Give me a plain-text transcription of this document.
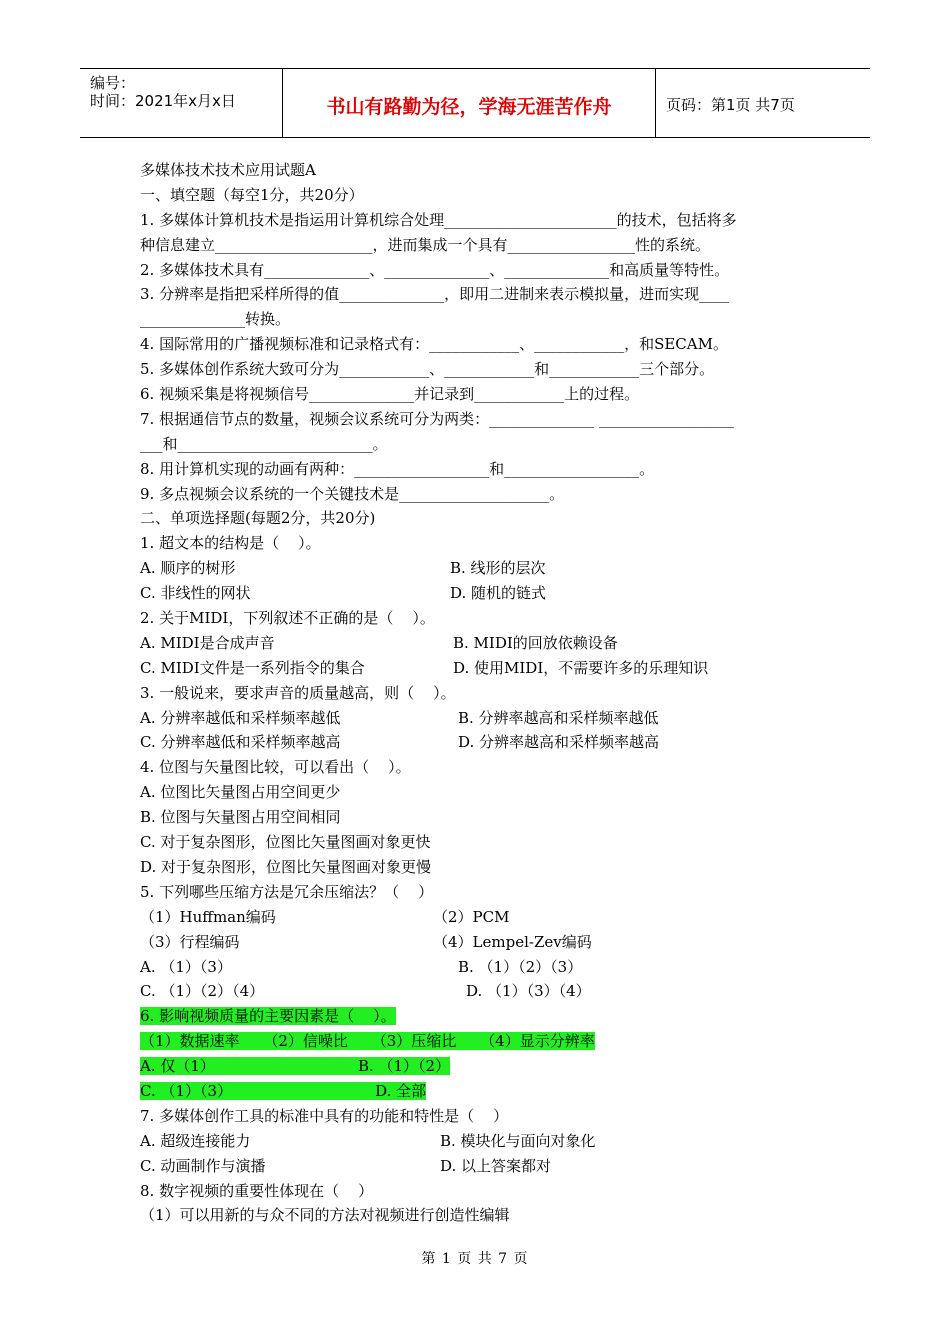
编号：
时间：2021年x月x日	书山有路勤为径，学海无涯苦作舟	页码：第1页 共7页
多媒体技术技术应用试题A
一、填空题（每空1分，共20分）
1. 多媒体计算机技术是指运用计算机综合处理_______________________的技术，包括将多
种信息建立_____________________，进而集成一个具有_________________性的系统。
2. 多媒体技术具有______________、______________、______________和高质量等特性。
3. 分辨率是指把采样所得的值______________，即用二进制来表示模拟量，进而实现____
______________转换。
4. 国际常用的广播视频标准和记录格式有：____________、____________，和SECAM。
5. 多媒体创作系统大致可分为____________、____________和____________三个部分。
6. 视频采集是将视频信号______________并记录到____________上的过程。
7. 根据通信节点的数量，视频会议系统可分为两类：______________ __________________
___和__________________________。
8. 用计算机实现的动画有两种：__________________和__________________。
9. 多点视频会议系统的一个关键技术是____________________。
二、单项选择题(每题2分，共20分)
1. 超文本的结构是（    ）。
A. 顺序的树形	B. 线形的层次
C. 非线性的网状	D. 随机的链式
2. 关于MIDI，下列叙述不正确的是（    ）。
A. MIDI是合成声音	B. MIDI的回放依赖设备
C. MIDI文件是一系列指令的集合	D. 使用MIDI，不需要许多的乐理知识
3. 一般说来，要求声音的质量越高，则（    ）。
A. 分辨率越低和采样频率越低	B. 分辨率越高和采样频率越低
C. 分辨率越低和采样频率越高	D. 分辨率越高和采样频率越高
4. 位图与矢量图比较，可以看出（    ）。
A. 位图比矢量图占用空间更少
B. 位图与矢量图占用空间相同
C. 对于复杂图形，位图比矢量图画对象更快
D. 对于复杂图形，位图比矢量图画对象更慢
5. 下列哪些压缩方法是冗余压缩法？（    ）
（1）Huffman编码	（2）PCM
（3）行程编码	（4）Lempel-Zev编码
A. （1）（3）	B. （1）（2）（3）
C. （1）（2）（4）	D. （1）（3）（4）
6. 影响视频质量的主要因素是（    ）。
（1）数据速率     （2）信噪比     （3）压缩比     （4）显示分辨率
A. 仅（1）                              B. （1）（2）
C. （1）（3）                              D. 全部
7. 多媒体创作工具的标准中具有的功能和特性是（    ）
A. 超级连接能力	B. 模块化与面向对象化
C. 动画制作与演播	D. 以上答案都对
8. 数字视频的重要性体现在（    ）
（1）可以用新的与众不同的方法对视频进行创造性编辑
第 1 页 共 7 页
